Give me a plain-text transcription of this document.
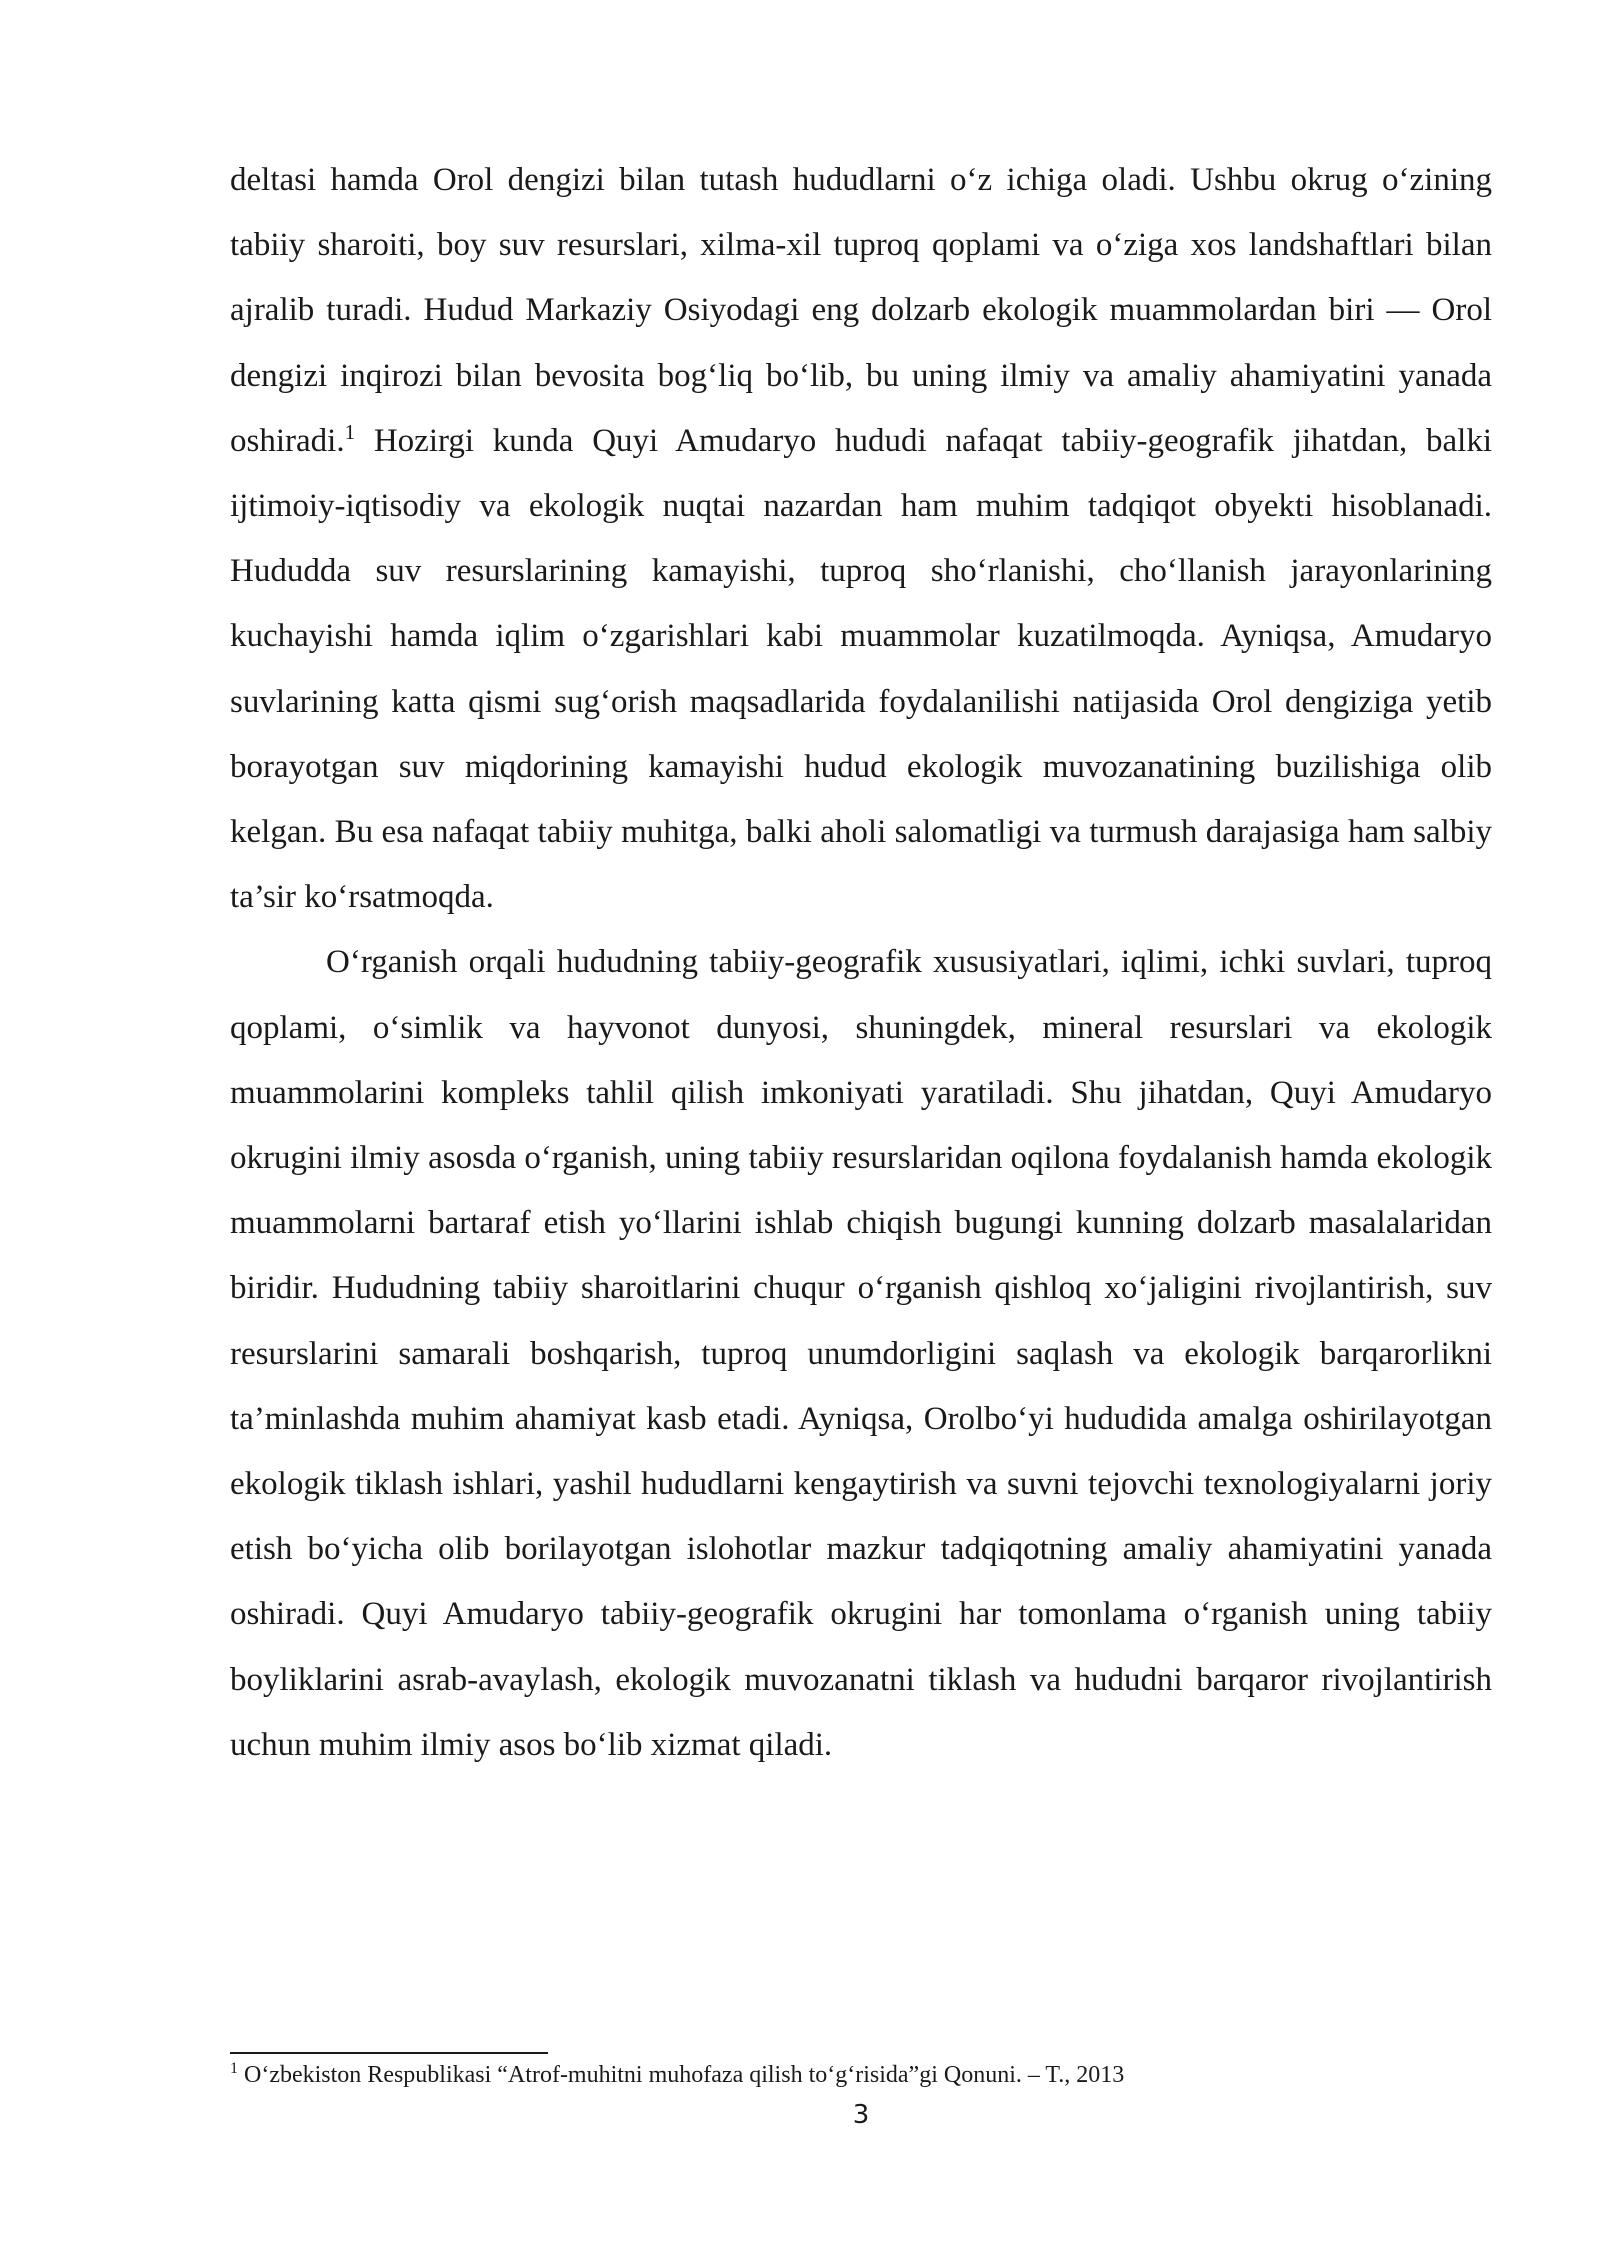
deltasi hamda Orol dengizi bilan tutash hududlarni o‘z ichiga oladi. Ushbu okrug o‘zining tabiiy sharoiti, boy suv resurslari, xilma-xil tuproq qoplami va o‘ziga xos landshaftlari bilan ajralib turadi. Hudud Markaziy Osiyodagi eng dolzarb ekologik muammolardan biri — Orol dengizi inqirozi bilan bevosita bog‘liq bo‘lib, bu uning ilmiy va amaliy ahamiyatini yanada oshiradi.$^1$ Hozirgi kunda Quyi Amudaryo hududi nafaqat tabiiy-geografik jihatdan, balki ijtimoiy-iqtisodiy va ekologik nuqtai nazardan ham muhim tadqiqot obyekti hisoblanadi. Hududda suv resurslarining kamayishi, tuproq sho‘rlanishi, cho‘llanish jarayonlarining kuchayishi hamda iqlim o‘zgarishlari kabi muammolar kuzatilmoqda. Ayniqsa, Amudaryo suvlarining katta qismi sug‘orish maqsadlarida foydalanilishi natijasida Orol dengiziga yetib borayotgan suv miqdorining kamayishi hudud ekologik muvozanatining buzilishiga olib kelgan. Bu esa nafaqat tabiiy muhitga, balki aholi salomatligi va turmush darajasiga ham salbiy ta’sir ko‘rsatmoqda.

O‘rganish orqali hududning tabiiy-geografik xususiyatlari, iqlimi, ichki suvlari, tuproq qoplami, o‘simlik va hayvonot dunyosi, shuningdek, mineral resurslari va ekologik muammolarini kompleks tahlil qilish imkoniyati yaratiladi. Shu jihatdan, Quyi Amudaryo okrugini ilmiy asosda o‘rganish, uning tabiiy resurslaridan oqilona foydalanish hamda ekologik muammolarni bartaraf etish yo‘llarini ishlab chiqish bugungi kunning dolzarb masalalaridan biridir. Hududning tabiiy sharoitlarini chuqur o‘rganish qishloq xo‘jaligini rivojlantirish, suv resurslarini samarali boshqarish, tuproq unumdorligini saqlash va ekologik barqarorlikni ta’minlashda muhim ahamiyat kasb etadi. Ayniqsa, Orolbo‘yi hududida amalga oshirilayotgan ekologik tiklash ishlari, yashil hududlarni kengaytirish va suvni tejovchi texnologiyalarni joriy etish bo‘yicha olib borilayotgan islohotlar mazkur tadqiqotning amaliy ahamiyatini yanada oshiradi. Quyi Amudaryo tabiiy-geografik okrugini har tomonlama o‘rganish uning tabiiy boyliklarini asrab-avaylash, ekologik muvozanatni tiklash va hududni barqaror rivojlantirish uchun muhim ilmiy asos bo‘lib xizmat qiladi.

$^1$ O‘zbekiston Respublikasi “Atrof-muhitni muhofaza qilish to‘g‘risida”gi Qonuni. – T., 2013
3
